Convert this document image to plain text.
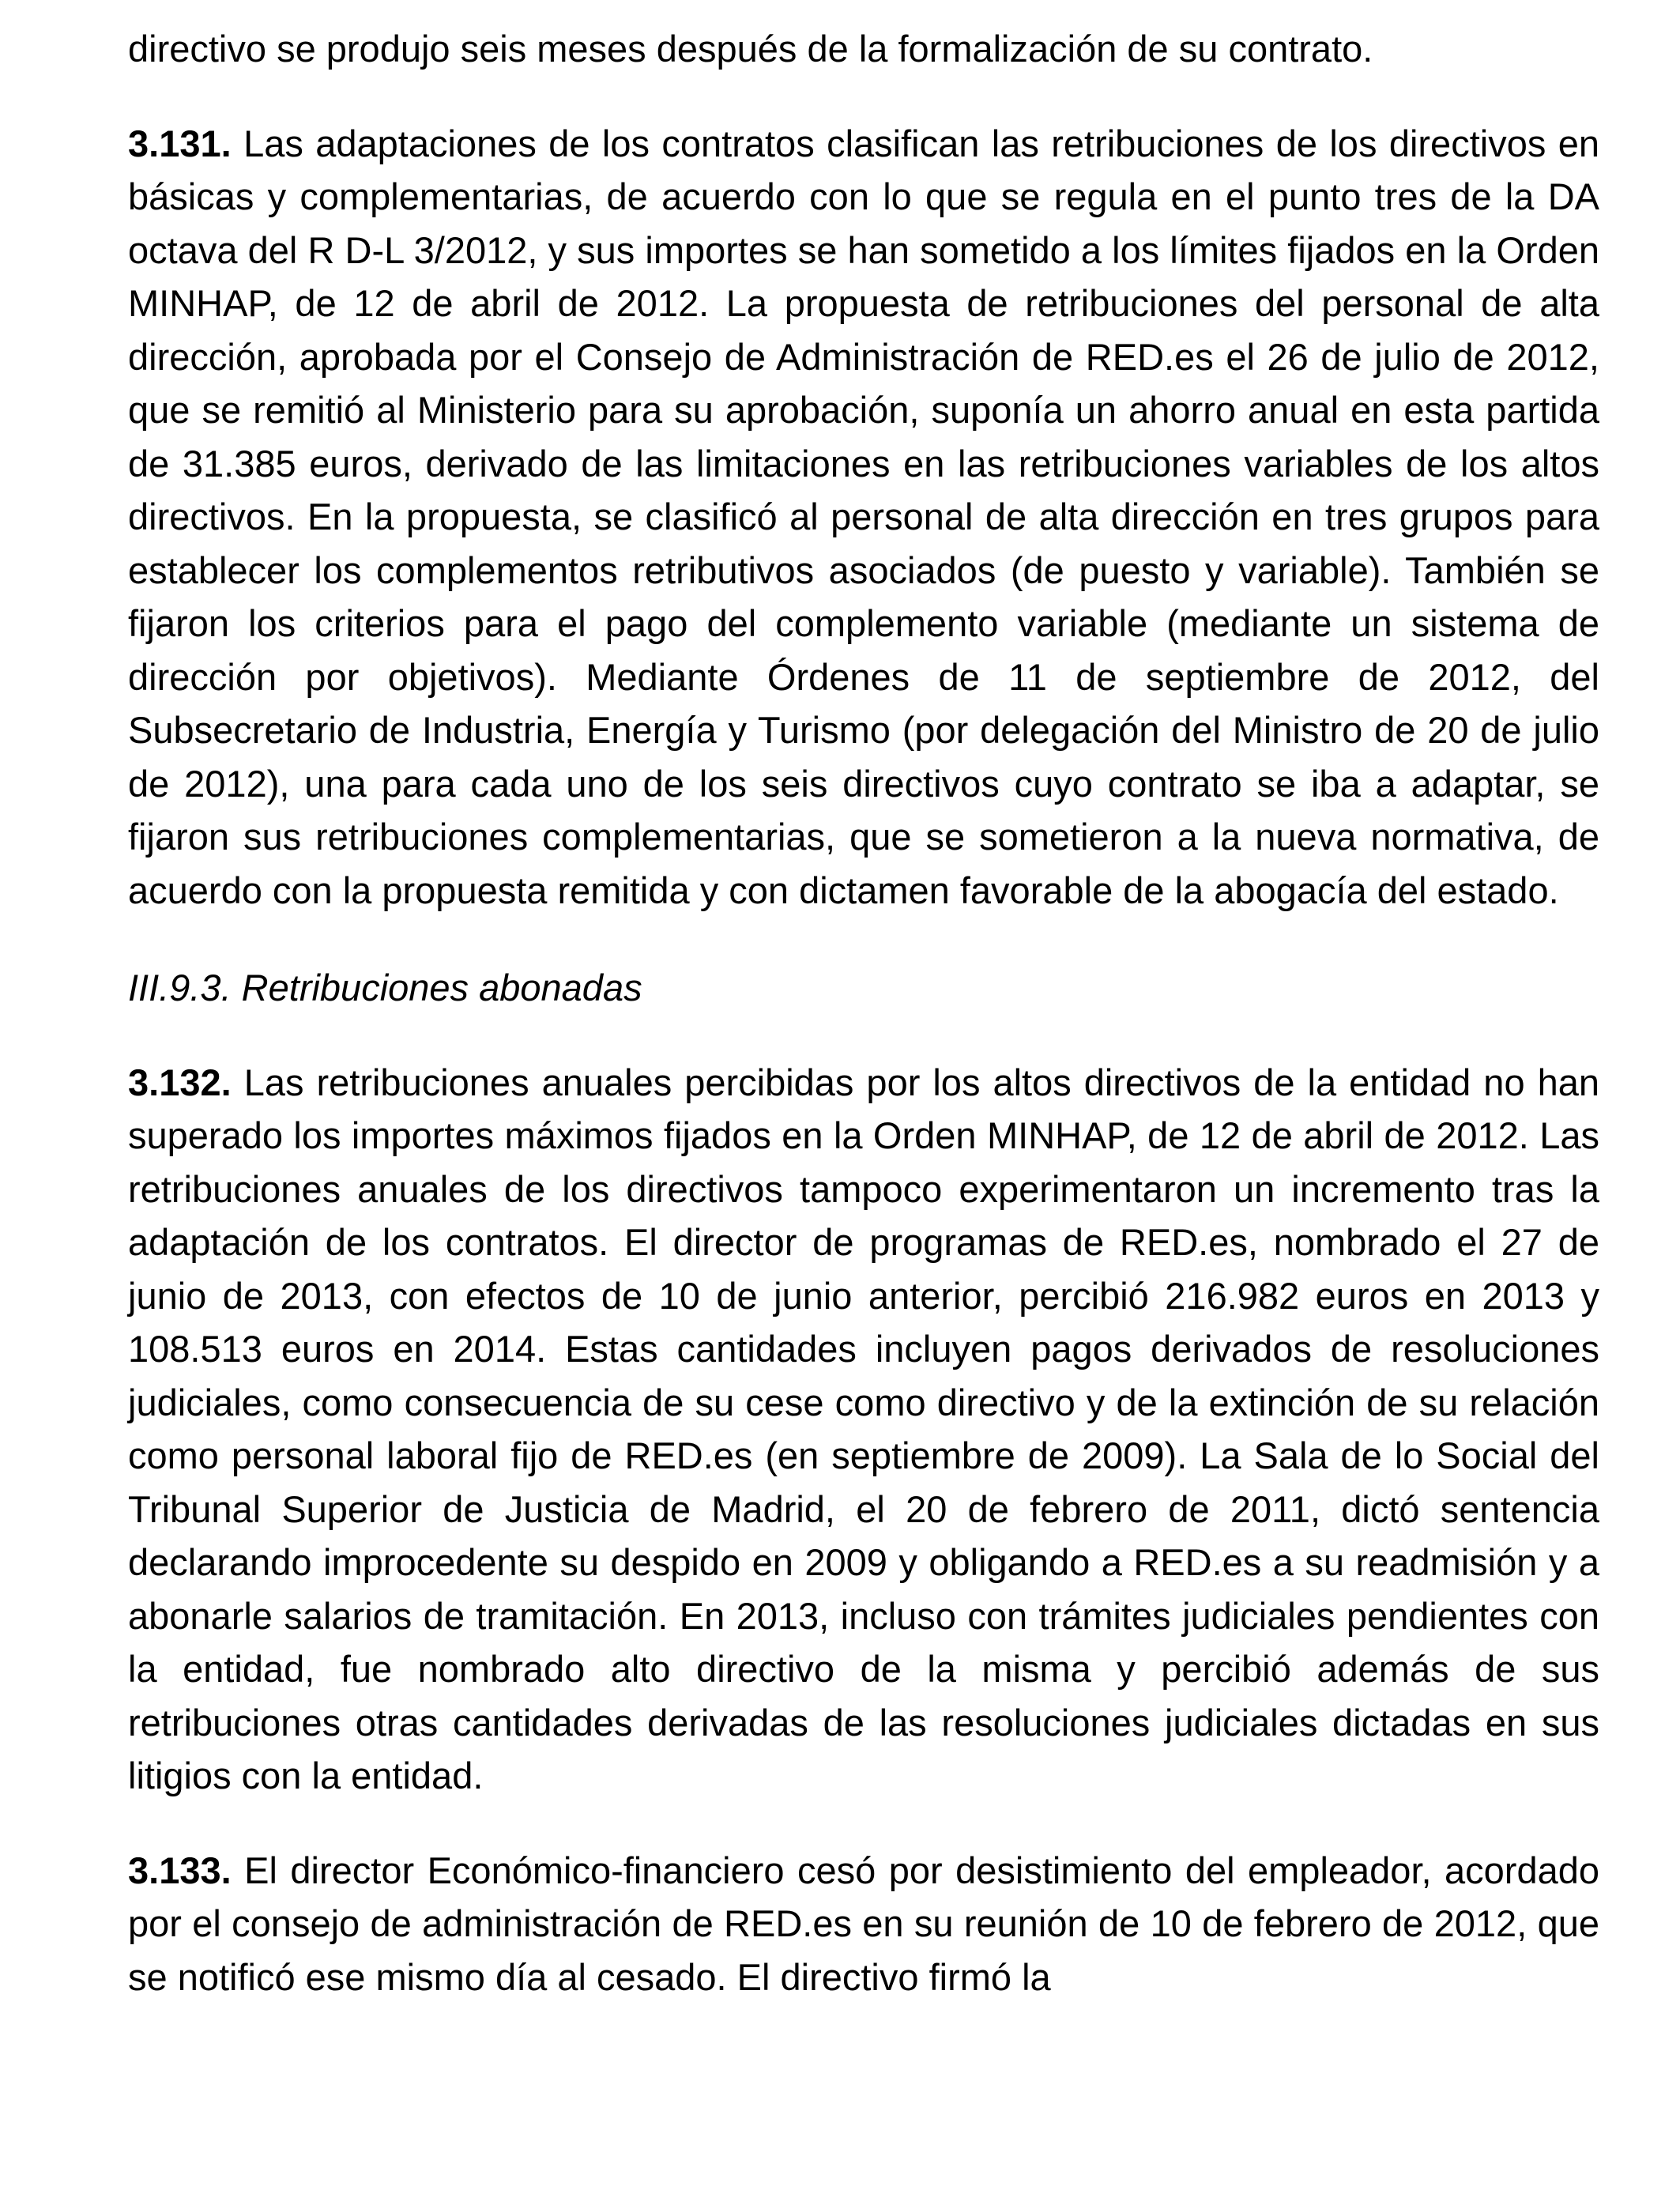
directivo se produjo seis meses después de la formalización de su contrato.

3.131. Las adaptaciones de los contratos clasifican las retribuciones de los directivos en básicas y complementarias, de acuerdo con lo que se regula en el punto tres de la DA octava del R D-L 3/2012, y sus importes se han sometido a los límites fijados en la Orden MINHAP, de 12 de abril de 2012. La propuesta de retribuciones del personal de alta dirección, aprobada por el Consejo de Administración de RED.es el 26 de julio de 2012, que se remitió al Ministerio para su aprobación, suponía un ahorro anual en esta partida de 31.385 euros, derivado de las limitaciones en las retribuciones variables de los altos directivos. En la propuesta, se clasificó al personal de alta dirección en tres grupos para establecer los complementos retributivos asociados (de puesto y variable). También se fijaron los criterios para el pago del complemento variable (mediante un sistema de dirección por objetivos). Mediante Órdenes de 11 de septiembre de 2012, del Subsecretario de Industria, Energía y Turismo (por delegación del Ministro de 20 de julio de 2012), una para cada uno de los seis directivos cuyo contrato se iba a adaptar, se fijaron sus retribuciones complementarias, que se sometieron a la nueva normativa, de acuerdo con la propuesta remitida y con dictamen favorable de la abogacía del estado.

III.9.3. Retribuciones abonadas

3.132. Las retribuciones anuales percibidas por los altos directivos de la entidad no han superado los importes máximos fijados en la Orden MINHAP, de 12 de abril de 2012. Las retribuciones anuales de los directivos tampoco experimentaron un incremento tras la adaptación de los contratos. El director de programas de RED.es, nombrado el 27 de junio de 2013, con efectos de 10 de junio anterior, percibió 216.982 euros en 2013 y 108.513 euros en 2014. Estas cantidades incluyen pagos derivados de resoluciones judiciales, como consecuencia de su cese como directivo y de la extinción de su relación como personal laboral fijo de RED.es (en septiembre de 2009). La Sala de lo Social del Tribunal Superior de Justicia de Madrid, el 20 de febrero de 2011, dictó sentencia declarando improcedente su despido en 2009 y obligando a RED.es a su readmisión y a abonarle salarios de tramitación. En 2013, incluso con trámites judiciales pendientes con la entidad, fue nombrado alto directivo de la misma y percibió además de sus retribuciones otras cantidades derivadas de las resoluciones judiciales dictadas en sus litigios con la entidad.

3.133. El director Económico-financiero cesó por desistimiento del empleador, acordado por el consejo de administración de RED.es en su reunión de 10 de febrero de 2012, que se notificó ese mismo día al cesado. El directivo firmó la
